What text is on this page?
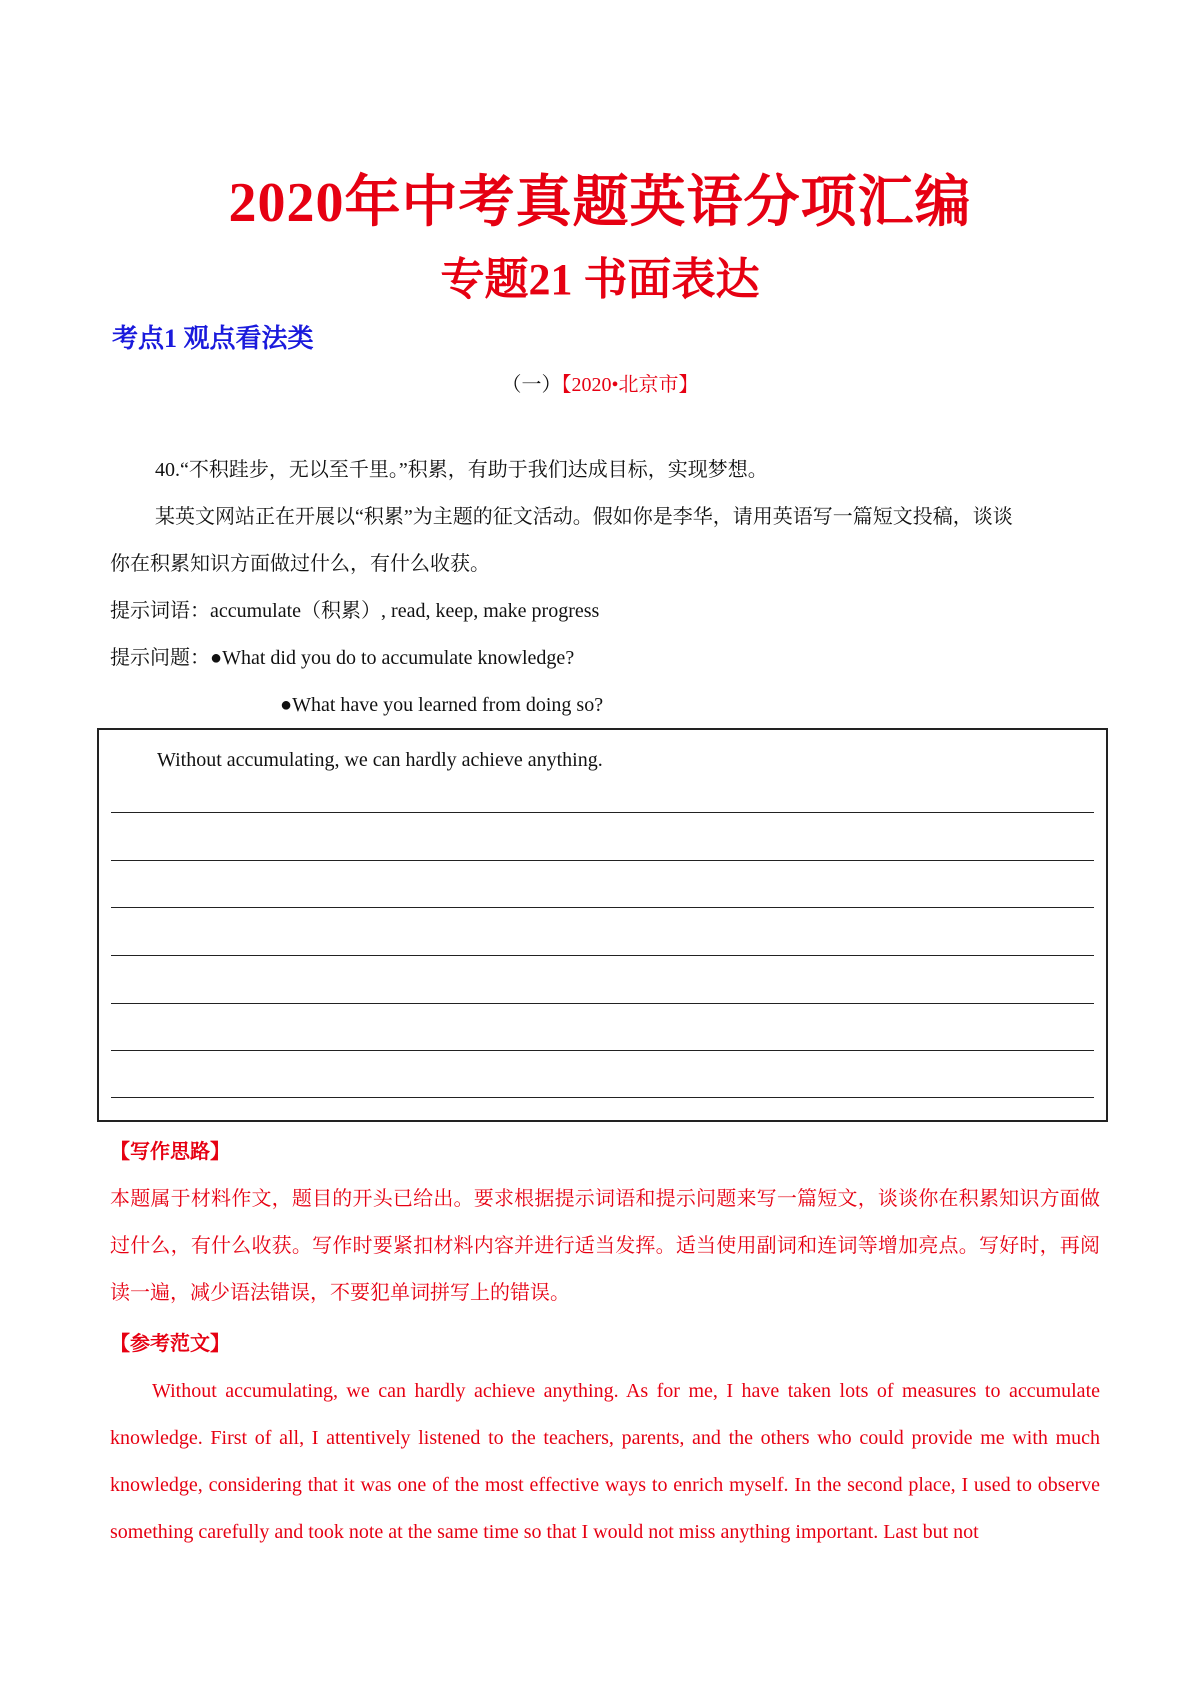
2020年中考真题英语分项汇编
专题21 书面表达
考点1 观点看法类
（一）【2020•北京市】
40.“不积跬步，无以至千里。”积累，有助于我们达成目标，实现梦想。
某英文网站正在开展以“积累”为主题的征文活动。假如你是李华，请用英语写一篇短文投稿，谈谈
你在积累知识方面做过什么，有什么收获。
提示词语：accumulate（积累）, read, keep, make progress
提示问题：●What did you do to accumulate knowledge?
●What have you learned from doing so?
Without accumulating, we can hardly achieve anything.
【写作思路】
本题属于材料作文，题目的开头已给出。要求根据提示词语和提示问题来写一篇短文，谈谈你在积累知识方面做过什么，有什么收获。写作时要紧扣材料内容并进行适当发挥。适当使用副词和连词等增加亮点。写好时，再阅读一遍，减少语法错误，不要犯单词拼写上的错误。
【参考范文】
Without accumulating, we can hardly achieve anything. As for me, I have taken lots of measures to accumulate knowledge. First of all, I attentively listened to the teachers, parents, and the others who could provide me with much knowledge, considering that it was one of the most effective ways to enrich myself. In the second place, I used to observe something carefully and took note at the same time so that I would not miss anything important. Last but not
